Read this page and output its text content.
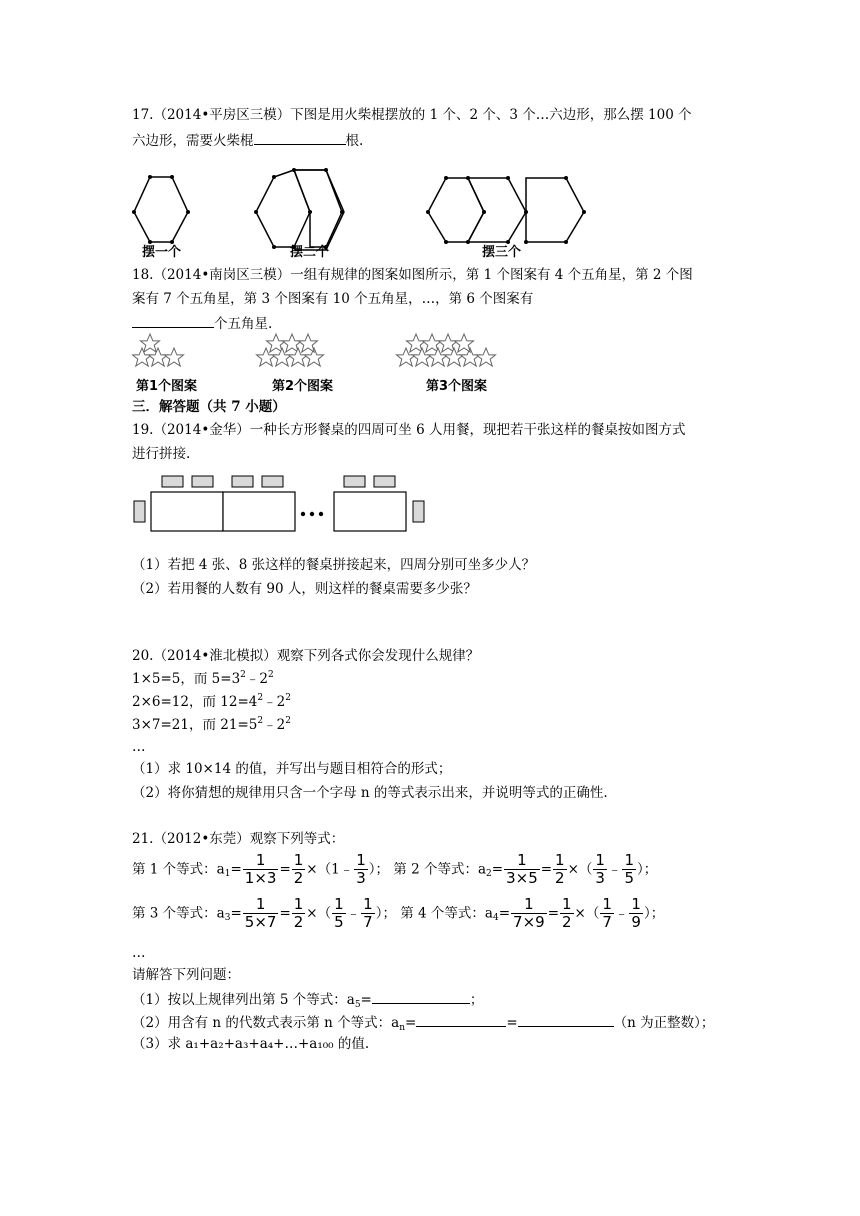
17.（2014•平房区三模）下图是用火柴棍摆放的 1 个、2 个、3 个…六边形，那么摆 100 个
六边形，需要火柴棍	根.
摆一个	摆二个	摆三个
18.（2014•南岗区三模）一组有规律的图案如图所示，第 1 个图案有 4 个五角星，第 2 个图
案有 7 个五角星，第 3 个图案有 10 个五角星，…，第 6 个图案有
个五角星.
第1个图案	第2个图案	第3个图案
三．解答题（共 7 小题）
19.（2014•金华）一种长方形餐桌的四周可坐 6 人用餐，现把若干张这样的餐桌按如图方式
进行拼接.
（1）若把 4 张、8 张这样的餐桌拼接起来，四周分别可坐多少人？
（2）若用餐的人数有 90 人，则这样的餐桌需要多少张？
20.（2014•淮北模拟）观察下列各式你会发现什么规律？
1×5=5，而 $5=3^2﹣2^2$
2×6=12，而 $12=4^2﹣2^2$
3×7=21，而 $21=5^2﹣2^2$
…
（1）求 10×14 的值，并写出与题目相符合的形式；
（2）将你猜想的规律用只含一个字母 n 的等式表示出来，并说明等式的正确性.
21.（2012•东莞）观察下列等式：
第 1 个等式：$a_1= \frac{1}{1\times 3} = \frac{1}{2}$ ×（1﹣ $\frac{1}{3}$ ）； 第 2 个等式：$a_2= \frac{1}{3\times 5} = \frac{1}{2}$ ×（ $\frac{1}{3}$ ﹣ $\frac{1}{5}$ ）；
第 3 个等式：$a_3= \frac{1}{5\times 7} = \frac{1}{2}$ ×（ $\frac{1}{5}$ ﹣ $\frac{1}{7}$ ）； 第 4 个等式：$a_4= \frac{1}{7\times 9} = \frac{1}{2}$ ×（ $\frac{1}{7}$ ﹣ $\frac{1}{9}$ ）；
…
请解答下列问题：
（1）按以上规律列出第 5 个等式：$a_5=$	；
（2）用含有 n 的代数式表示第 n 个等式：$a_n=$	=	（n 为正整数）；
（3）求 a₁+a₂+a₃+a₄+…+a₁₀₀ 的值.
